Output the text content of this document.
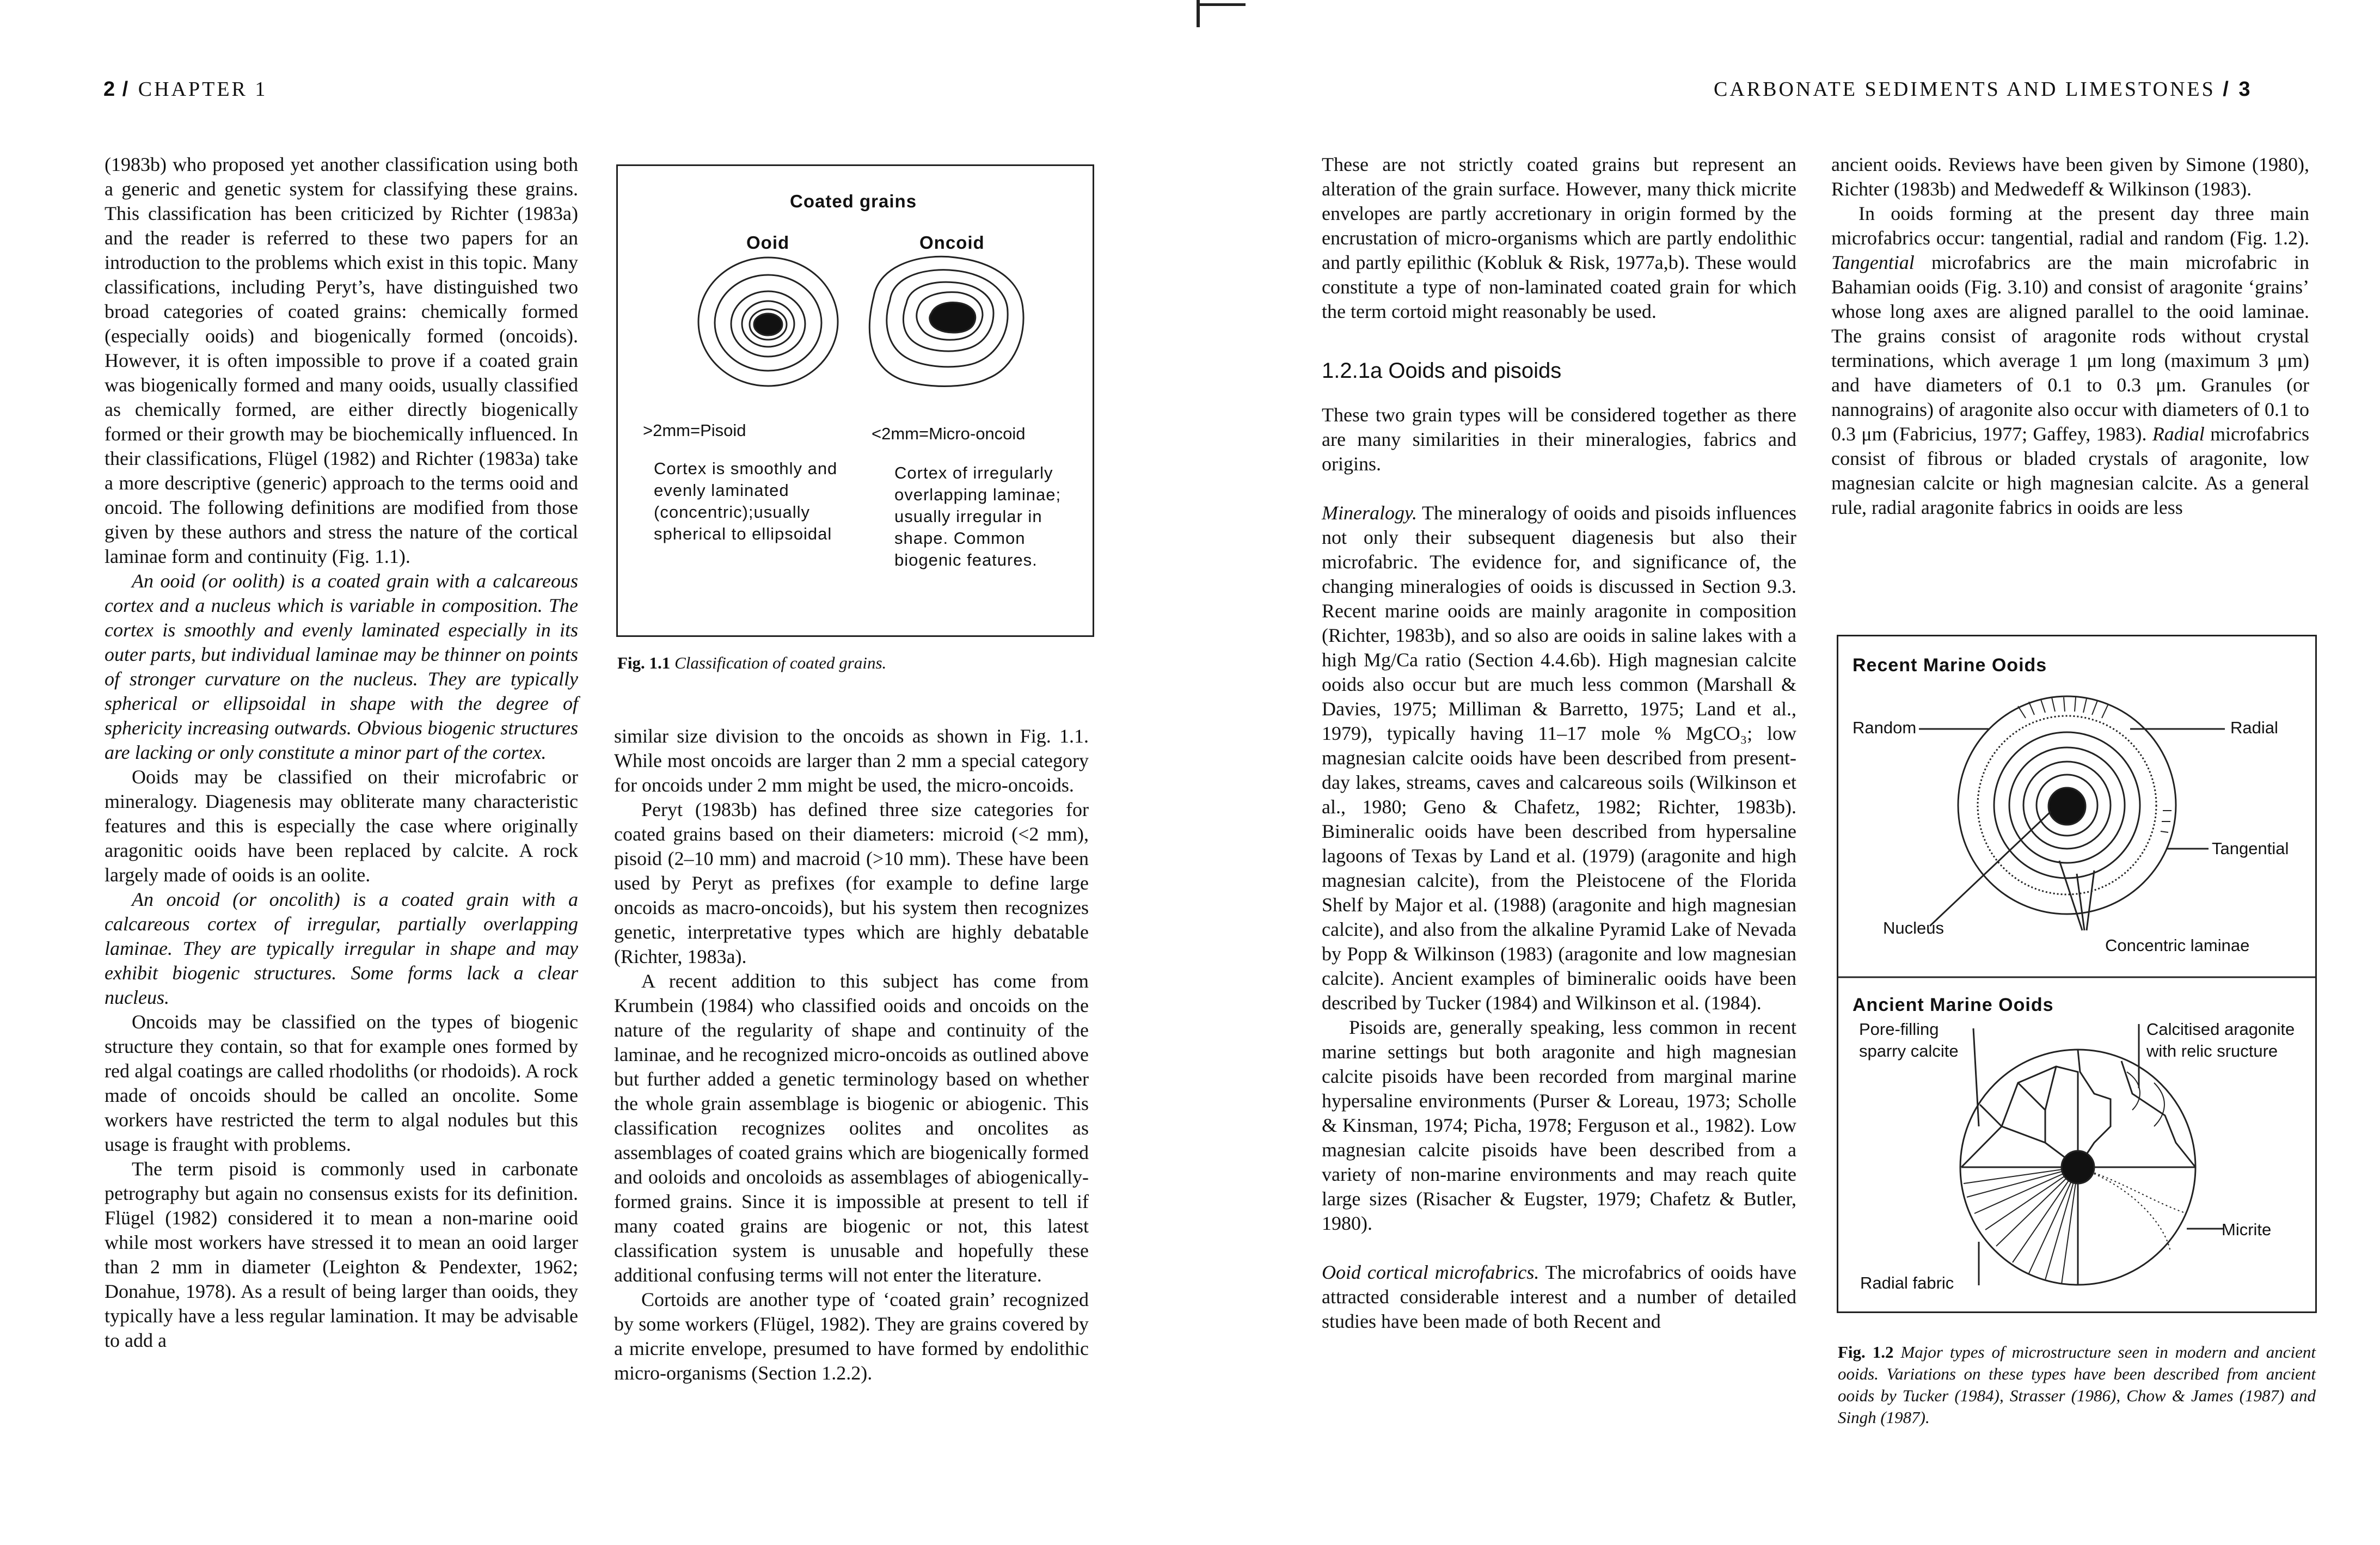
2 / CHAPTER 1

(1983b) who proposed yet another classification using both a generic and genetic system for classifying these grains. This classification has been criticized by Richter (1983a) and the reader is referred to these two papers for an introduction to the problems which exist in this topic. Many classifications, including Peryt’s, have distinguished two broad categories of coated grains: chemically formed (especially ooids) and biogenically formed (oncoids). However, it is often impossible to prove if a coated grain was biogenically formed and many ooids, usually classified as chemically formed, are either directly biogenically formed or their growth may be biochemically influenced. In their classifications, Flügel (1982) and Richter (1983a) take a more descriptive (generic) approach to the terms ooid and oncoid. The following definitions are modified from those given by these authors and stress the nature of the cortical laminae form and continuity (Fig. 1.1).

An ooid (or oolith) is a coated grain with a calcareous cortex and a nucleus which is variable in composition. The cortex is smoothly and evenly laminated especially in its outer parts, but individual laminae may be thinner on points of stronger curvature on the nucleus. They are typically spherical or ellipsoidal in shape with the degree of sphericity increasing outwards. Obvious biogenic structures are lacking or only constitute a minor part of the cortex.

Ooids may be classified on their microfabric or mineralogy. Diagenesis may obliterate many characteristic features and this is especially the case where originally aragonitic ooids have been replaced by calcite. A rock largely made of ooids is an oolite.

An oncoid (or oncolith) is a coated grain with a calcareous cortex of irregular, partially overlapping laminae. They are typically irregular in shape and may exhibit biogenic structures. Some forms lack a clear nucleus.

Oncoids may be classified on the types of biogenic structure they contain, so that for example ones formed by red algal coatings are called rhodoliths (or rhodoids). A rock made of oncoids should be called an oncolite. Some workers have restricted the term to algal nodules but this usage is fraught with problems.

The term pisoid is commonly used in carbonate petrography but again no consensus exists for its definition. Flügel (1982) considered it to mean a non-marine ooid while most workers have stressed it to mean an ooid larger than 2 mm in diameter (Leighton & Pendexter, 1962; Donahue, 1978). As a result of being larger than ooids, they typically have a less regular lamination. It may be advisable to add a

Coated grains
Ooid	Oncoid
>2mm=Pisoid	<2mm=Micro-oncoid
Cortex is smoothly and evenly laminated (concentric);usually spherical to ellipsoidal
Cortex of irregularly overlapping laminae; usually irregular in shape. Common biogenic features.
Fig. 1.1 Classification of coated grains.

similar size division to the oncoids as shown in Fig. 1.1. While most oncoids are larger than 2 mm a special category for oncoids under 2 mm might be used, the micro-oncoids.

Peryt (1983b) has defined three size categories for coated grains based on their diameters: microid (<2 mm), pisoid (2–10 mm) and macroid (>10 mm). These have been used by Peryt as prefixes (for example to define large oncoids as macro-oncoids), but his system then recognizes genetic, interpretative types which are highly debatable (Richter, 1983a).

A recent addition to this subject has come from Krumbein (1984) who classified ooids and oncoids on the nature of the regularity of shape and continuity of the laminae, and he recognized micro-oncoids as outlined above but further added a genetic terminology based on whether the whole grain assemblage is biogenic or abiogenic. This classification recognizes oolites and oncolites as assemblages of coated grains which are biogenically formed and ooloids and oncoloids as assemblages of abiogenically-formed grains. Since it is impossible at present to tell if many coated grains are biogenic or not, this latest classification system is unusable and hopefully these additional confusing terms will not enter the literature.

Cortoids are another type of ‘coated grain’ recognized by some workers (Flügel, 1982). They are grains covered by a micrite envelope, presumed to have formed by endolithic micro-organisms (Section 1.2.2).

CARBONATE SEDIMENTS AND LIMESTONES / 3

These are not strictly coated grains but represent an alteration of the grain surface. However, many thick micrite envelopes are partly accretionary in origin formed by the encrustation of micro-organisms which are partly endolithic and partly epilithic (Kobluk & Risk, 1977a,b). These would constitute a type of non-laminated coated grain for which the term cortoid might reasonably be used.

1.2.1a Ooids and pisoids

These two grain types will be considered together as there are many similarities in their mineralogies, fabrics and origins.

Mineralogy. The mineralogy of ooids and pisoids influences not only their subsequent diagenesis but also their microfabric. The evidence for, and significance of, the changing mineralogies of ooids is discussed in Section 9.3. Recent marine ooids are mainly aragonite in composition (Richter, 1983b), and so also are ooids in saline lakes with a high Mg/Ca ratio (Section 4.4.6b). High magnesian calcite ooids also occur but are much less common (Marshall & Davies, 1975; Milliman & Barretto, 1975; Land et al., 1979), typically having 11–17 mole % MgCO₃; low magnesian calcite ooids have been described from present-day lakes, streams, caves and calcareous soils (Wilkinson et al., 1980; Geno & Chafetz, 1982; Richter, 1983b). Bimineralic ooids have been described from hypersaline lagoons of Texas by Land et al. (1979) (aragonite and high magnesian calcite), from the Pleistocene of the Florida Shelf by Major et al. (1988) (aragonite and high magnesian calcite), and also from the alkaline Pyramid Lake of Nevada by Popp & Wilkinson (1983) (aragonite and low magnesian calcite). Ancient examples of bimineralic ooids have been described by Tucker (1984) and Wilkinson et al. (1984).

Pisoids are, generally speaking, less common in recent marine settings but both aragonite and high magnesian calcite pisoids have been recorded from marginal marine hypersaline environments (Purser & Loreau, 1973; Scholle & Kinsman, 1974; Picha, 1978; Ferguson et al., 1982). Low magnesian calcite pisoids have been described from a variety of non-marine environments and may reach quite large sizes (Risacher & Eugster, 1979; Chafetz & Butler, 1980).

Ooid cortical microfabrics. The microfabrics of ooids have attracted considerable interest and a number of detailed studies have been made of both Recent and

ancient ooids. Reviews have been given by Simone (1980), Richter (1983b) and Medwedeff & Wilkinson (1983).

In ooids forming at the present day three main microfabrics occur: tangential, radial and random (Fig. 1.2). Tangential microfabrics are the main microfabric in Bahamian ooids (Fig. 3.10) and consist of aragonite ‘grains’ whose long axes are aligned parallel to the ooid laminae. The grains consist of aragonite rods without crystal terminations, which average 1 μm long (maximum 3 μm) and have diameters of 0.1 to 0.3 μm. Granules (or nannograins) of aragonite also occur with diameters of 0.1 to 0.3 μm (Fabricius, 1977; Gaffey, 1983). Radial microfabrics consist of fibrous or bladed crystals of aragonite, low magnesian calcite or high magnesian calcite. As a general rule, radial aragonite fabrics in ooids are less

Recent Marine Ooids
Random	Radial
Tangential
Nucleus
Concentric laminae
Ancient Marine Ooids
Pore-filling
sparry calcite
Calcitised aragonite
with relic sructure
Micrite
Radial fabric
Fig. 1.2 Major types of microstructure seen in modern and ancient ooids. Variations on these types have been described from ancient ooids by Tucker (1984), Strasser (1986), Chow & James (1987) and Singh (1987).
